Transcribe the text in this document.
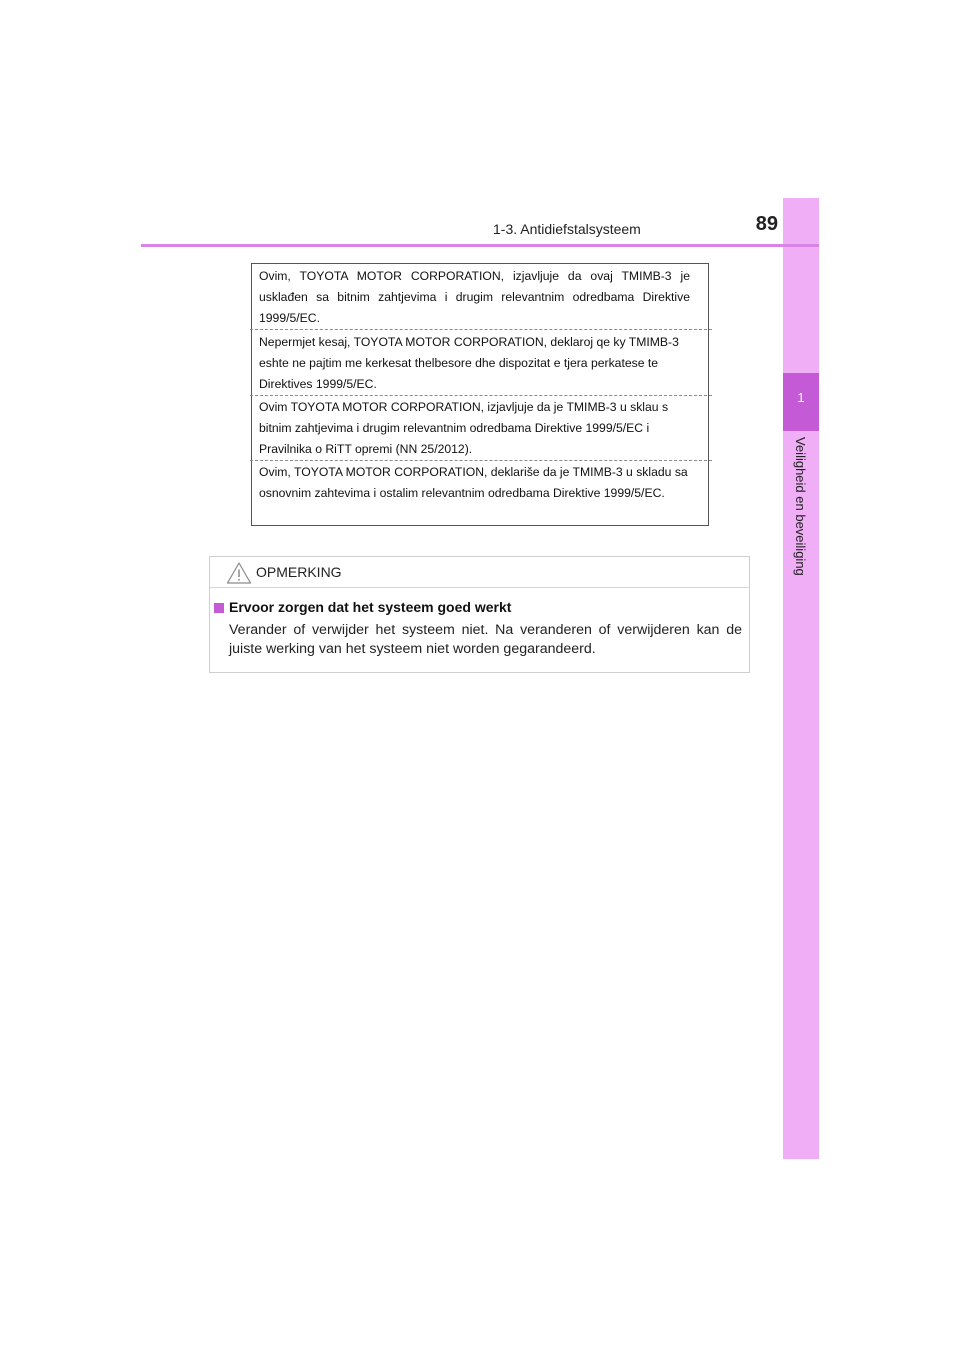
1
Veiligheid en beveiliging
1-3. Antidiefstalsysteem	89
Ovim, TOYOTA MOTOR CORPORATION, izjavljuje da ovaj TMIMB-3 je usklađen sa bitnim zahtjevima i drugim relevantnim odredbama Direktive 1999/5/EC.
Nepermjet kesaj, TOYOTA MOTOR CORPORATION, deklaroj qe ky TMIMB-3 eshte ne pajtim me kerkesat thelbesore dhe dispozitat e tjera perkatese te Direktives 1999/5/EC.
Ovim TOYOTA MOTOR CORPORATION, izjavljuje da je TMIMB-3 u sklau s bitnim zahtjevima i drugim relevantnim odredbama Direktive 1999/5/EC i Pravilnika o RiTT opremi (NN 25/2012).
Ovim, TOYOTA MOTOR CORPORATION, deklariše da je TMIMB-3 u skladu sa osnovnim zahtevima i ostalim relevantnim odredbama Direktive 1999/5/EC.
OPMERKING
Ervoor zorgen dat het systeem goed werkt
Verander of verwijder het systeem niet. Na veranderen of verwijderen kan de juiste werking van het systeem niet worden gegarandeerd.
